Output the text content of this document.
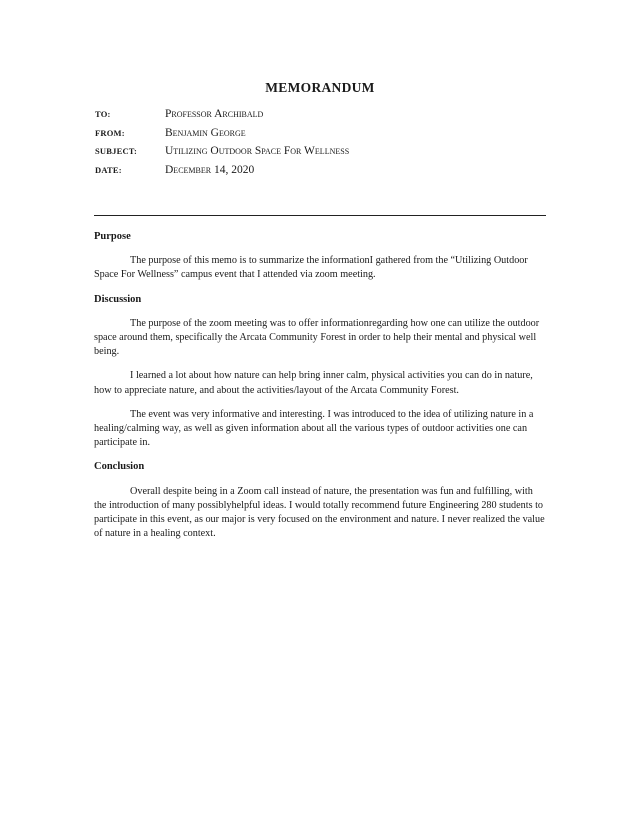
MEMORANDUM
TO:	Professor Archibald
FROM:	Benjamin George
SUBJECT:	Utilizing Outdoor Space For Wellness
DATE:	December 14, 2020
Purpose

The purpose of this memo is to summarize the informationI gathered from the “Utilizing Outdoor Space For Wellness” campus event that I attended via zoom meeting.

Discussion

The purpose of the zoom meeting was to offer informationregarding how one can utilize the outdoor space around them, specifically the Arcata Community Forest in order to help their mental and physical well being.

I learned a lot about how nature can help bring inner calm, physical activities you can do in nature, how to appreciate nature, and about the activities/layout of the Arcata Community Forest.

The event was very informative and interesting. I was introduced to the idea of utilizing nature in a healing/calming way, as well as given information about all the various types of outdoor activities one can participate in.

Conclusion

Overall despite being in a Zoom call instead of nature, the presentation was fun and fulfilling, with the introduction of many possiblyhelpful ideas. I would totally recommend future Engineering 280 students to participate in this event, as our major is very focused on the environment and nature. I never realized the value of nature in a healing context.
